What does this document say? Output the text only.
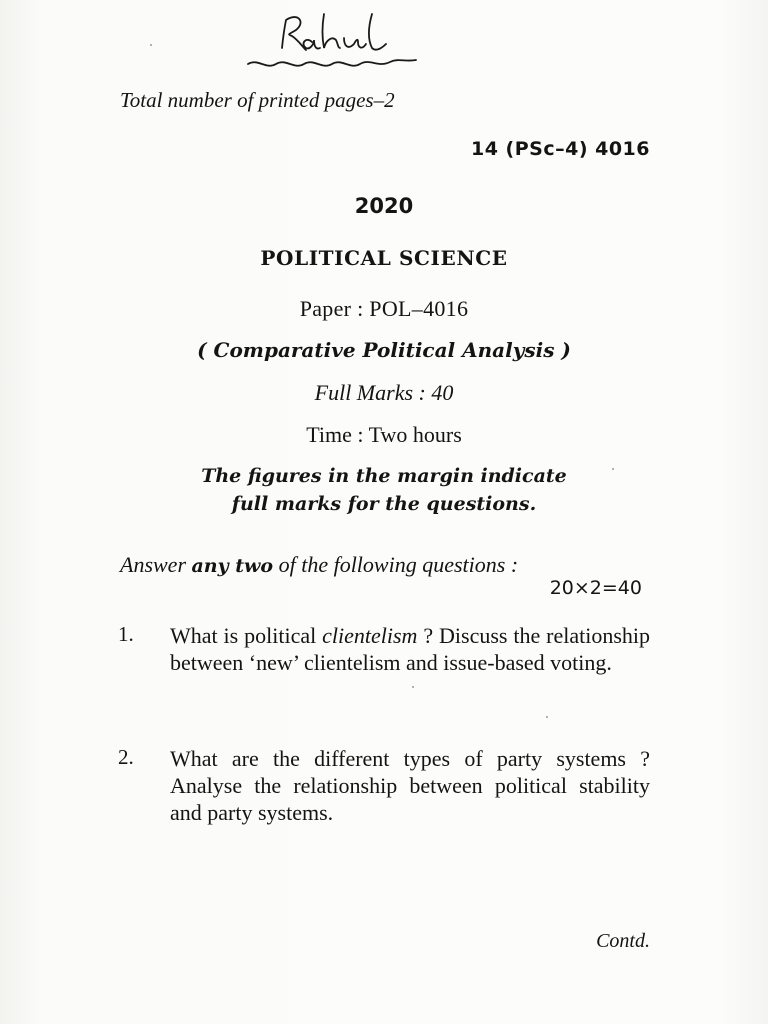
Total number of printed pages–2
14 (PSc–4) 4016
2020
POLITICAL SCIENCE
Paper : POL–4016
( Comparative Political Analysis )
Full Marks : 40
Time : Two hours
The figures in the margin indicate
full marks for the questions.
Answer any two of the following questions :
20×2=40
1. What is political clientelism ? Discuss the relationship between ‘new’ clientelism and issue-based voting.
2. What are the different types of party systems ? Analyse the relationship between political stability and party systems.
Contd.
